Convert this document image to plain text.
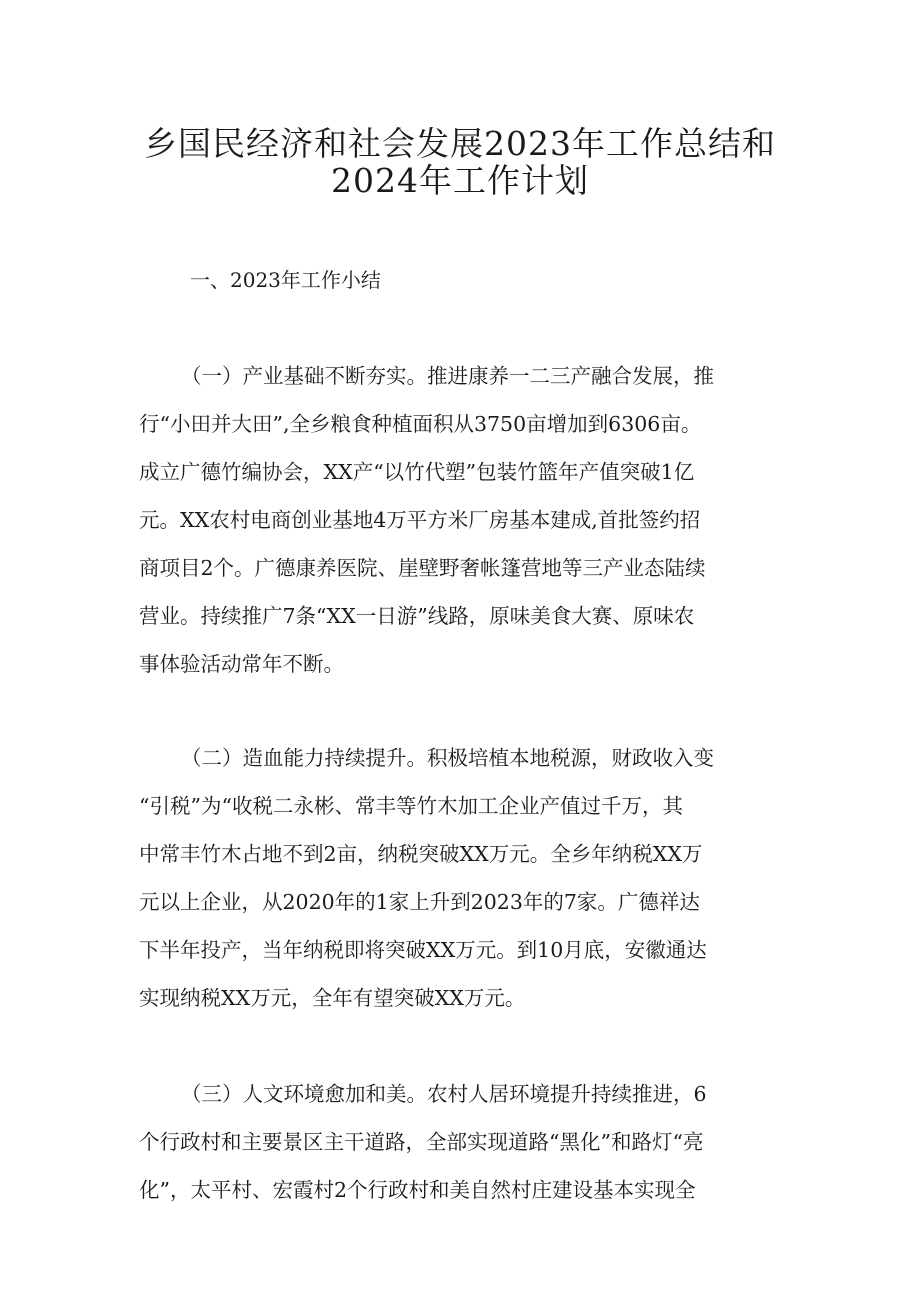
乡国民经济和社会发展2023年工作总结和
2024年工作计划
一、2023年工作小结
（一）产业基础不断夯实。推进康养一二三产融合发展，推
行“小田并大田”,全乡粮食种植面积从3750亩增加到6306亩。
成立广德竹编协会，XX产“以竹代塑”包装竹篮年产值突破1亿
元。XX农村电商创业基地4万平方米厂房基本建成,首批签约招
商项目2个。广德康养医院、崖壁野奢帐篷营地等三产业态陆续
营业。持续推广7条“XX一日游”线路，原味美食大赛、原味农
事体验活动常年不断。
（二）造血能力持续提升。积极培植本地税源，财政收入变
“引税”为“收税二永彬、常丰等竹木加工企业产值过千万，其
中常丰竹木占地不到2亩，纳税突破XX万元。全乡年纳税XX万
元以上企业，从2020年的1家上升到2023年的7家。广德祥达
下半年投产，当年纳税即将突破XX万元。到10月底，安徽通达
实现纳税XX万元，全年有望突破XX万元。
（三）人文环境愈加和美。农村人居环境提升持续推进，6
个行政村和主要景区主干道路，全部实现道路“黑化”和路灯“亮
化”，太平村、宏霞村2个行政村和美自然村庄建设基本实现全
